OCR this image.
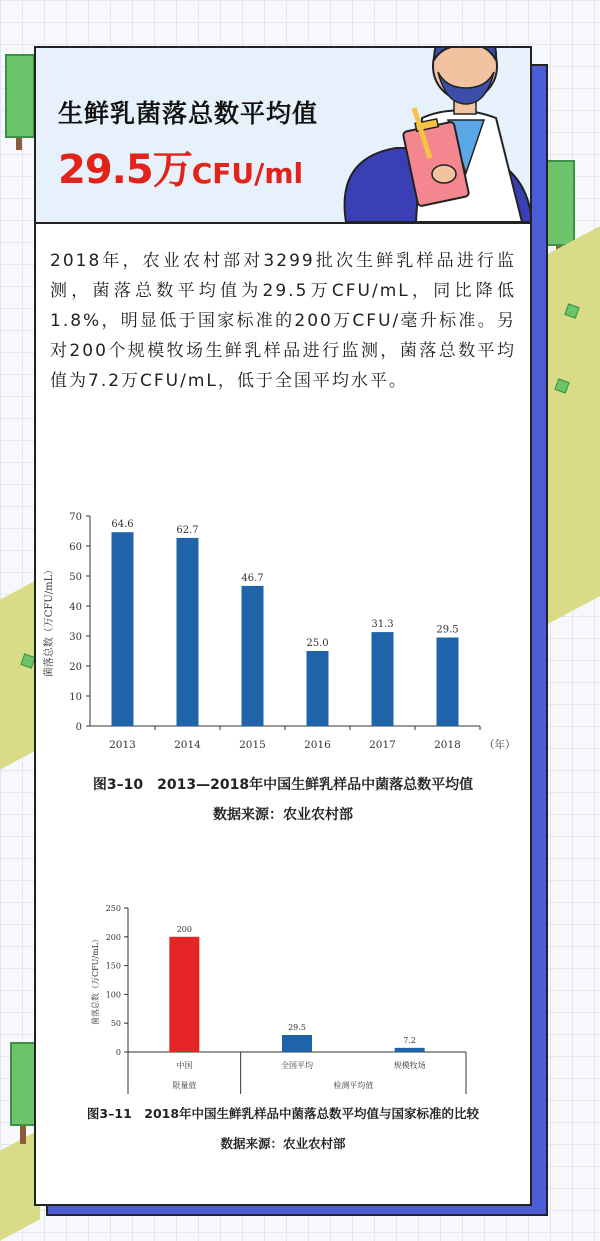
生鲜乳菌落总数平均值

29.5万CFU/ml

2018年，农业农村部对3299批次生鲜乳样品进行监测，菌落总数平均值为29.5万CFU/mL，同比降低1.8%，明显低于国家标准的200万CFU/毫升标准。另对200个规模牧场生鲜乳样品进行监测，菌落总数平均值为7.2万CFU/mL，低于全国平均水平。

0
10
20
30
40
50
60
70
菌落总数（万CFU/mL）
64.6
2013
62.7
2014
46.7
2015
25.0
2016
31.3
2017
29.5
2018 （年）

图3–10　2013—2018年中国生鲜乳样品中菌落总数平均值

数据来源：农业农村部

0
50
100
150
200
250
菌落总数（万CFU/mL）
200
中国
29.5
全国平均
7.2
规模牧场
限量值	检测平均值

图3–11　2018年中国生鲜乳样品中菌落总数平均值与国家标准的比较

数据来源：农业农村部
